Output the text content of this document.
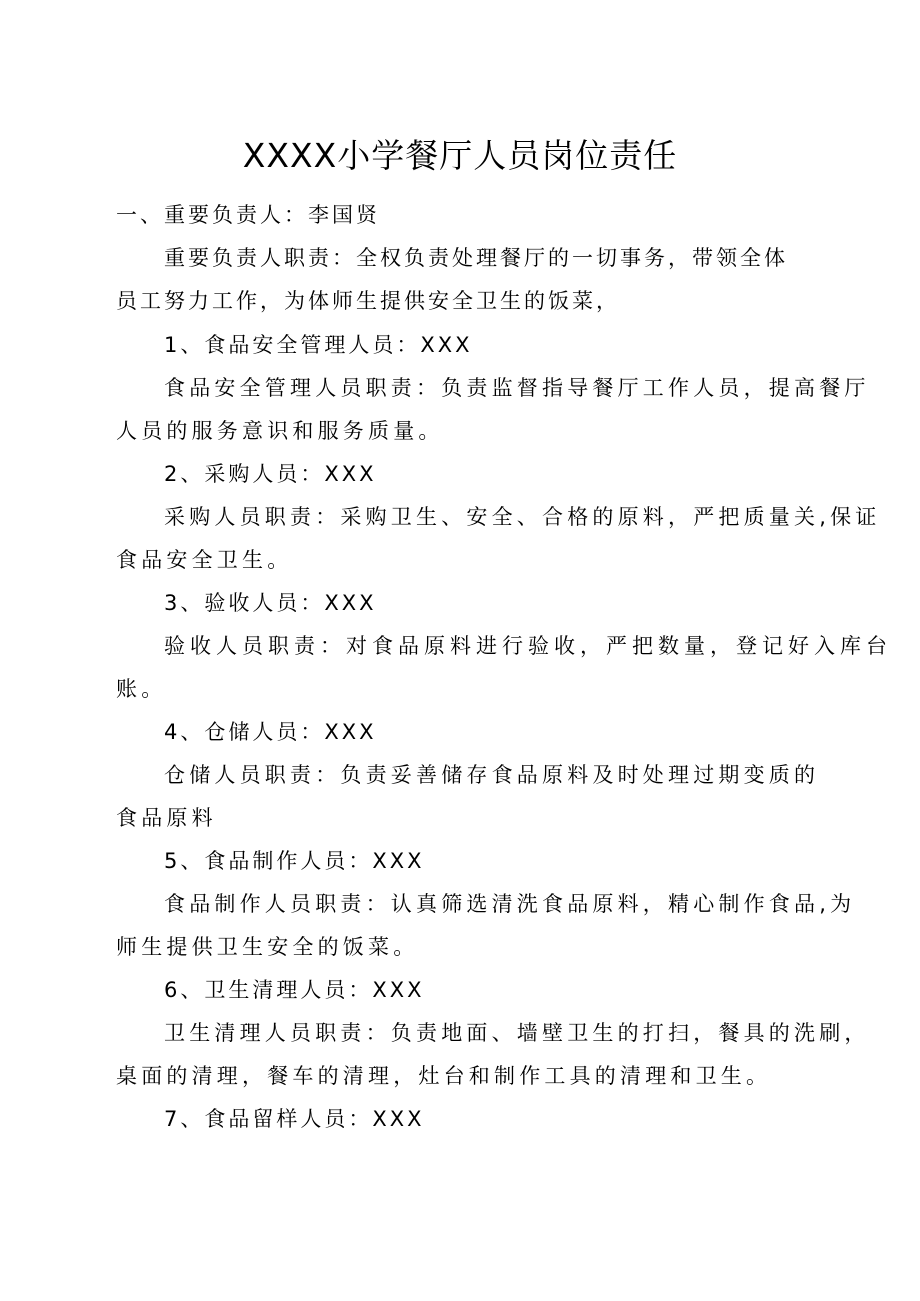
XXXX小学餐厅人员岗位责任
一、重要负责人：李国贤
重要负责人职责：全权负责处理餐厅的一切事务，带领全体
员工努力工作，为体师生提供安全卫生的饭菜，
1、食品安全管理人员：XXX
食品安全管理人员职责：负责监督指导餐厅工作人员，提高餐厅
人员的服务意识和服务质量。
2、采购人员：XXX
采购人员职责：采购卫生、安全、合格的原料，严把质量关,保证
食品安全卫生。
3、验收人员：XXX
验收人员职责：对食品原料进行验收，严把数量，登记好入库台
账。
4、仓储人员：XXX
仓储人员职责：负责妥善储存食品原料及时处理过期变质的
食品原料
5、食品制作人员：XXX
食品制作人员职责：认真筛选清洗食品原料，精心制作食品,为
师生提供卫生安全的饭菜。
6、卫生清理人员：XXX
卫生清理人员职责：负责地面、墙壁卫生的打扫，餐具的洗刷，
桌面的清理，餐车的清理，灶台和制作工具的清理和卫生。
7、食品留样人员：XXX
